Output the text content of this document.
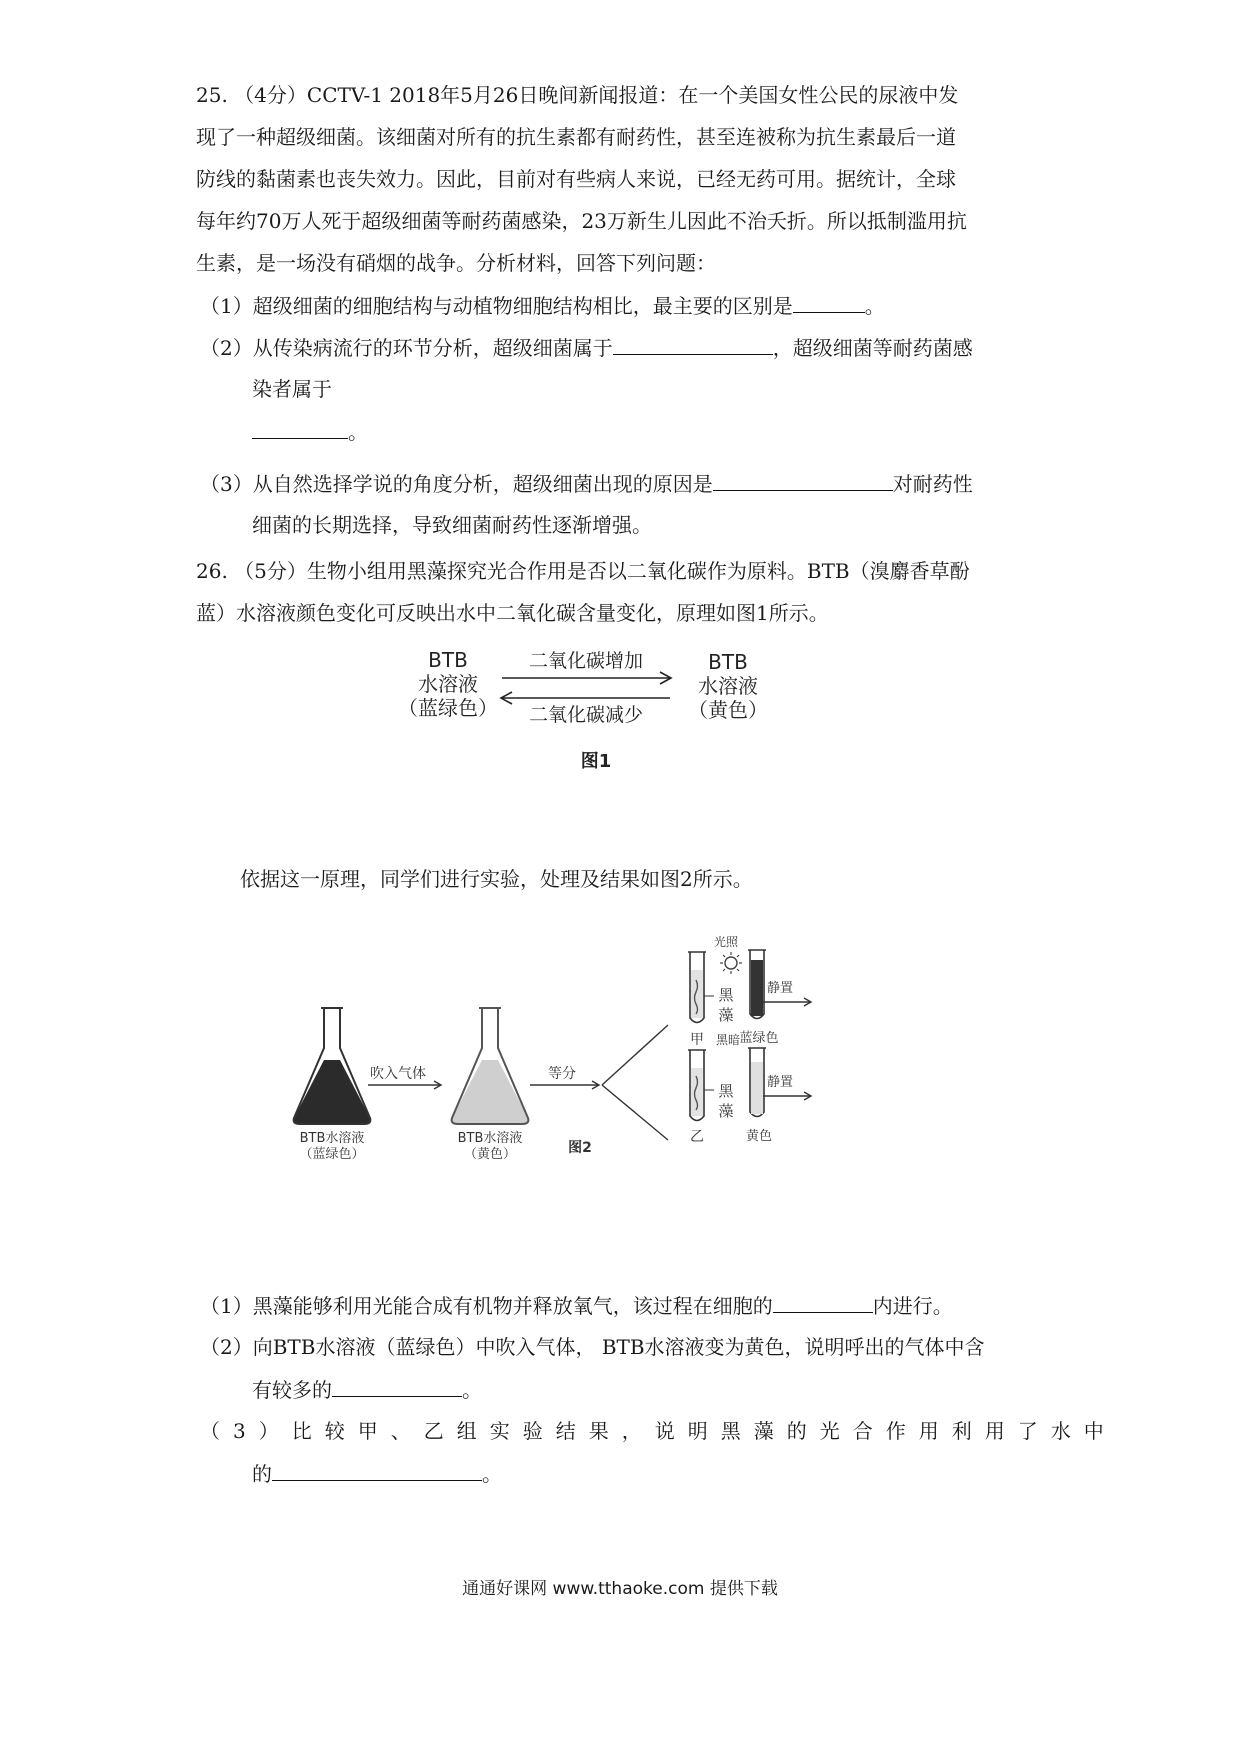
25. （4分）CCTV-1 2018年5月26日晚间新闻报道：在一个美国女性公民的尿液中发
现了一种超级细菌。该细菌对所有的抗生素都有耐药性，甚至连被称为抗生素最后一道
防线的黏菌素也丧失效力。因此，目前对有些病人来说，已经无药可用。据统计，全球
每年约70万人死于超级细菌等耐药菌感染，23万新生儿因此不治夭折。所以抵制滥用抗
生素，是一场没有硝烟的战争。分析材料，回答下列问题：
（1）超级细菌的细胞结构与动植物细胞结构相比，最主要的区别是	。
（2）从传染病流行的环节分析，超级细菌属于	，超级细菌等耐药菌感
染者属于
。
（3）从自然选择学说的角度分析，超级细菌出现的原因是	对耐药性
细菌的长期选择，导致细菌耐药性逐渐增强。
26. （5分）生物小组用黑藻探究光合作用是否以二氧化碳作为原料。BTB（溴麝香草酚
蓝）水溶液颜色变化可反映出水中二氧化碳含量变化，原理如图1所示。
BTB
水溶液
（蓝绿色）
BTB
水溶液
（黄色）
二氧化碳增加
二氧化碳减少
图1
依据这一原理，同学们进行实验，处理及结果如图2所示。
BTB水溶液
（蓝绿色）
BTB水溶液
（黄色）
吹入气体	等分
光照
黑
藻
甲
静置
蓝绿色
黑暗
黑
藻
乙
静置
黄色
图2
（1）黑藻能够利用光能合成有机物并释放氧气，该过程在细胞的	内进行。
（2）向BTB水溶液（蓝绿色）中吹入气体， BTB水溶液变为黄色，说明呼出的气体中含
有较多的	。
（3）比较甲、乙组实验结果，说明黑藻的光合作用利用了水中
的	。
通通好课网 www.tthaoke.com 提供下载
